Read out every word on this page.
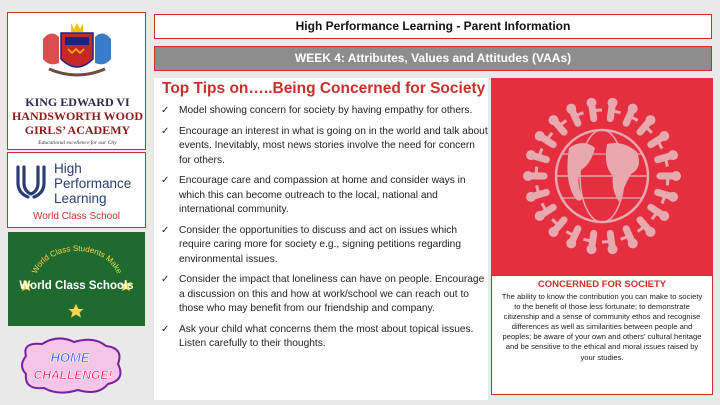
KING EDWARD VI
HANDSWORTH WOOD
GIRLS’ ACADEMY
Educational excellence for our City
High
Performance
Learning
World Class School
World Class Students Make
World Class Schools
HOME
CHALLENGE!
High Performance Learning - Parent Information
WEEK 4: Attributes, Values and Attitudes (VAAs)
Top Tips on…..Being Concerned for Society
✓ Model showing concern for society by having empathy for others.
✓ Encourage an interest in what is going on in the world and talk about events. Inevitably, most news stories involve the need for concern for others.
✓ Encourage care and compassion at home and consider ways in which this can become outreach to the local, national and international community.
✓ Consider the opportunities to discuss and act on issues which require caring more for society e.g., signing petitions regarding environmental issues.
✓ Consider the impact that loneliness can have on people. Encourage a discussion on this and how at work/school we can reach out to those who may benefit from our friendship and company.
✓ Ask your child what concerns them the most about topical issues. Listen carefully to their thoughts.
CONCERNED FOR SOCIETY
The ability to know the contribution you can make to society to the benefit of those less fortunate; to demonstrate citizenship and a sense of community ethos and recognise differences as well as similarities between people and peoples; be aware of your own and others’ cultural heritage and be sensitive to the ethical and moral issues raised by your studies.
